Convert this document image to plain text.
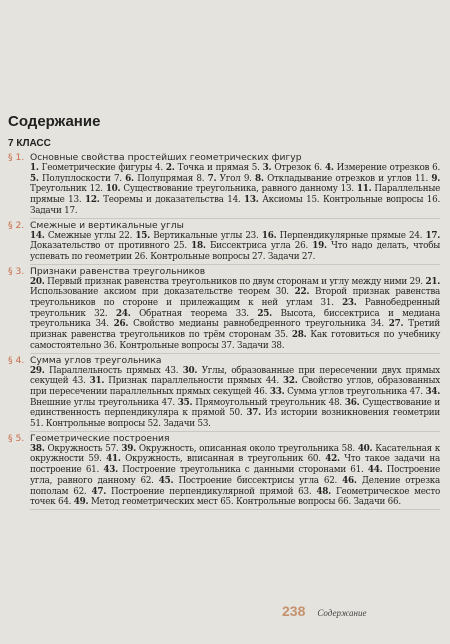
Содержание
7 КЛАСС
§ 1. Основные свойства простейших геометрических фигур
1. Геометрические фигуры 4. 2. Точка и прямая 5. 3. Отрезок 6. 4. Измерение отрезков 6. 5. Полуплоскости 7. 6. Полупрямая 8. 7. Угол 9. 8. Откладывание отрезков и углов 11. 9. Треугольник 12. 10. Существование треугольника, равного данному 13. 11. Параллельные прямые 13. 12. Теоремы и доказательства 14. 13. Аксиомы 15. Контрольные вопросы 16. Задачи 17.
§ 2. Смежные и вертикальные углы
14. Смежные углы 22. 15. Вертикальные углы 23. 16. Перпендикулярные прямые 24. 17. Доказательство от противного 25. 18. Биссектриса угла 26. 19. Что надо делать, чтобы успевать по геометрии 26. Контрольные вопросы 27. Задачи 27.
§ 3. Признаки равенства треугольников
20. Первый признак равенства треугольников по двум сторонам и углу между ними 29. 21. Использование аксиом при доказательстве теорем 30. 22. Второй признак равенства треугольников по стороне и прилежащим к ней углам 31. 23. Равнобедренный треугольник 32. 24. Обратная теорема 33. 25. Высота, биссектриса и медиана треугольника 34. 26. Свойство медианы равнобедренного треугольника 34. 27. Третий признак равенства треугольников по трём сторонам 35. 28. Как готовиться по учебнику самостоятельно 36. Контрольные вопросы 37. Задачи 38.
§ 4. Сумма углов треугольника
29. Параллельность прямых 43. 30. Углы, образованные при пересечении двух прямых секущей 43. 31. Признак параллельности прямых 44. 32. Свойство углов, образованных при пересечении параллельных прямых секущей 46. 33. Сумма углов треугольника 47. 34. Внешние углы треугольника 47. 35. Прямоугольный треугольник 48. 36. Существование и единственность перпендикуляра к прямой 50. 37. Из истории возникновения геометрии 51. Контрольные вопросы 52. Задачи 53.
§ 5. Геометрические построения
38. Окружность 57. 39. Окружность, описанная около треугольника 58. 40. Касательная к окружности 59. 41. Окружность, вписанная в треугольник 60. 42. Что такое задачи на построение 61. 43. Построение треугольника с данными сторонами 61. 44. Построение угла, равного данному 62. 45. Построение биссектрисы угла 62. 46. Деление отрезка пополам 62. 47. Построение перпендикулярной прямой 63. 48. Геометрическое место точек 64. 49. Метод геометрических мест 65. Контрольные вопросы 66. Задачи 66.
238 Содержание
